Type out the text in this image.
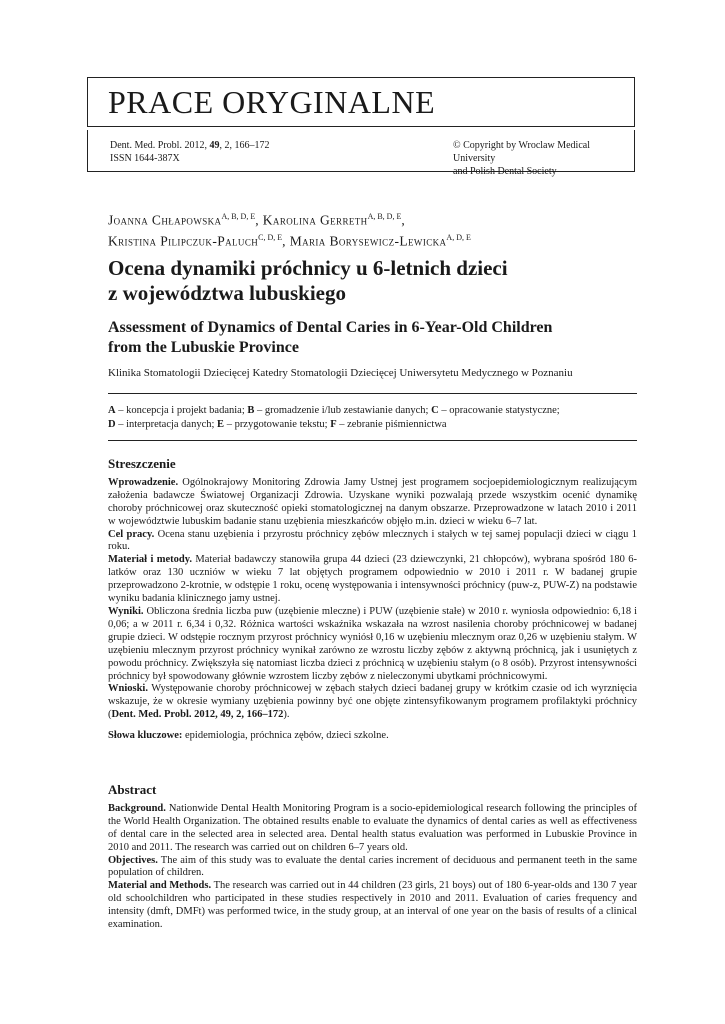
PRACE ORYGINALNE
Dent. Med. Probl. 2012, 49, 2, 166–172
ISSN 1644-387X
© Copyright by Wroclaw Medical University
and Polish Dental Society
Joanna Chłapowska$^{A, B, D, E}$, Karolina Gerreth$^{A, B, D, E}$,
Kristina Pilipczuk-Paluch$^{C, D, E}$, Maria Borysewicz-Lewicka$^{A, D, E}$
Ocena dynamiki próchnicy u 6-letnich dzieci
z województwa lubuskiego
Assessment of Dynamics of Dental Caries in 6-Year-Old Children
from the Lubuskie Province
Klinika Stomatologii Dziecięcej Katedry Stomatologii Dziecięcej Uniwersytetu Medycznego w Poznaniu
A – koncepcja i projekt badania; B – gromadzenie i/lub zestawianie danych; C – opracowanie statystyczne;
D – interpretacja danych; E – przygotowanie tekstu; F – zebranie piśmiennictwa
Streszczenie

Wprowadzenie. Ogólnokrajowy Monitoring Zdrowia Jamy Ustnej jest programem socjoepidemiologicznym realizującym założenia badawcze Światowej Organizacji Zdrowia. Uzyskane wyniki pozwalają przede wszystkim ocenić dynamikę choroby próchnicowej oraz skuteczność opieki stomatologicznej na danym obszarze. Przeprowadzone w latach 2010 i 2011 w województwie lubuskim badanie stanu uzębienia mieszkańców objęło m.in. dzieci w wieku 6–7 lat.

Cel pracy. Ocena stanu uzębienia i przyrostu próchnicy zębów mlecznych i stałych w tej samej populacji dzieci w ciągu 1 roku.

Materiał i metody. Materiał badawczy stanowiła grupa 44 dzieci (23 dziewczynki, 21 chłopców), wybrana spośród 180 6-latków oraz 130 uczniów w wieku 7 lat objętych programem odpowiednio w 2010 i 2011 r. W badanej grupie przeprowadzono 2-krotnie, w odstępie 1 roku, ocenę występowania i intensywności próchnicy (puw-z, PUW-Z) na podstawie wyniku badania klinicznego jamy ustnej.

Wyniki. Obliczona średnia liczba puw (uzębienie mleczne) i PUW (uzębienie stałe) w 2010 r. wyniosła odpowiednio: 6,18 i 0,06; a w 2011 r. 6,34 i 0,32. Różnica wartości wskaźnika wskazała na wzrost nasilenia choroby próchnicowej w badanej grupie dzieci. W odstępie rocznym przyrost próchnicy wyniósł 0,16 w uzębieniu mlecznym oraz 0,26 w uzębieniu stałym. W uzębieniu mlecznym przyrost próchnicy wynikał zarówno ze wzrostu liczby zębów z aktywną próchnicą, jak i usuniętych z powodu próchnicy. Zwiększyła się natomiast liczba dzieci z próchnicą w uzębieniu stałym (o 8 osób). Przyrost intensywności próchnicy był spowodowany głównie wzrostem liczby zębów z nieleczonymi ubytkami próchnicowymi.

Wnioski. Występowanie choroby próchnicowej w zębach stałych dzieci badanej grupy w krótkim czasie od ich wyrznięcia wskazuje, że w okresie wymiany uzębienia powinny być one objęte zintensyfikowanym programem profilaktyki próchnicy (Dent. Med. Probl. 2012, 49, 2, 166–172).

Słowa kluczowe: epidemiologia, próchnica zębów, dzieci szkolne.

Abstract

Background. Nationwide Dental Health Monitoring Program is a socio-epidemiological research following the principles of the World Health Organization. The obtained results enable to evaluate the dynamics of dental caries as well as effectiveness of dental care in the selected area in selected area. Dental health status evaluation was performed in Lubuskie Province in 2010 and 2011. The research was carried out on children 6–7 years old.

Objectives. The aim of this study was to evaluate the dental caries increment of deciduous and permanent teeth in the same population of children.

Material and Methods. The research was carried out in 44 children (23 girls, 21 boys) out of 180 6-year-olds and 130 7 year old schoolchildren who participated in these studies respectively in 2010 and 2011. Evaluation of caries frequency and intensity (dmft, DMFt) was performed twice, in the study group, at an interval of one year on the basis of results of a clinical examination.
